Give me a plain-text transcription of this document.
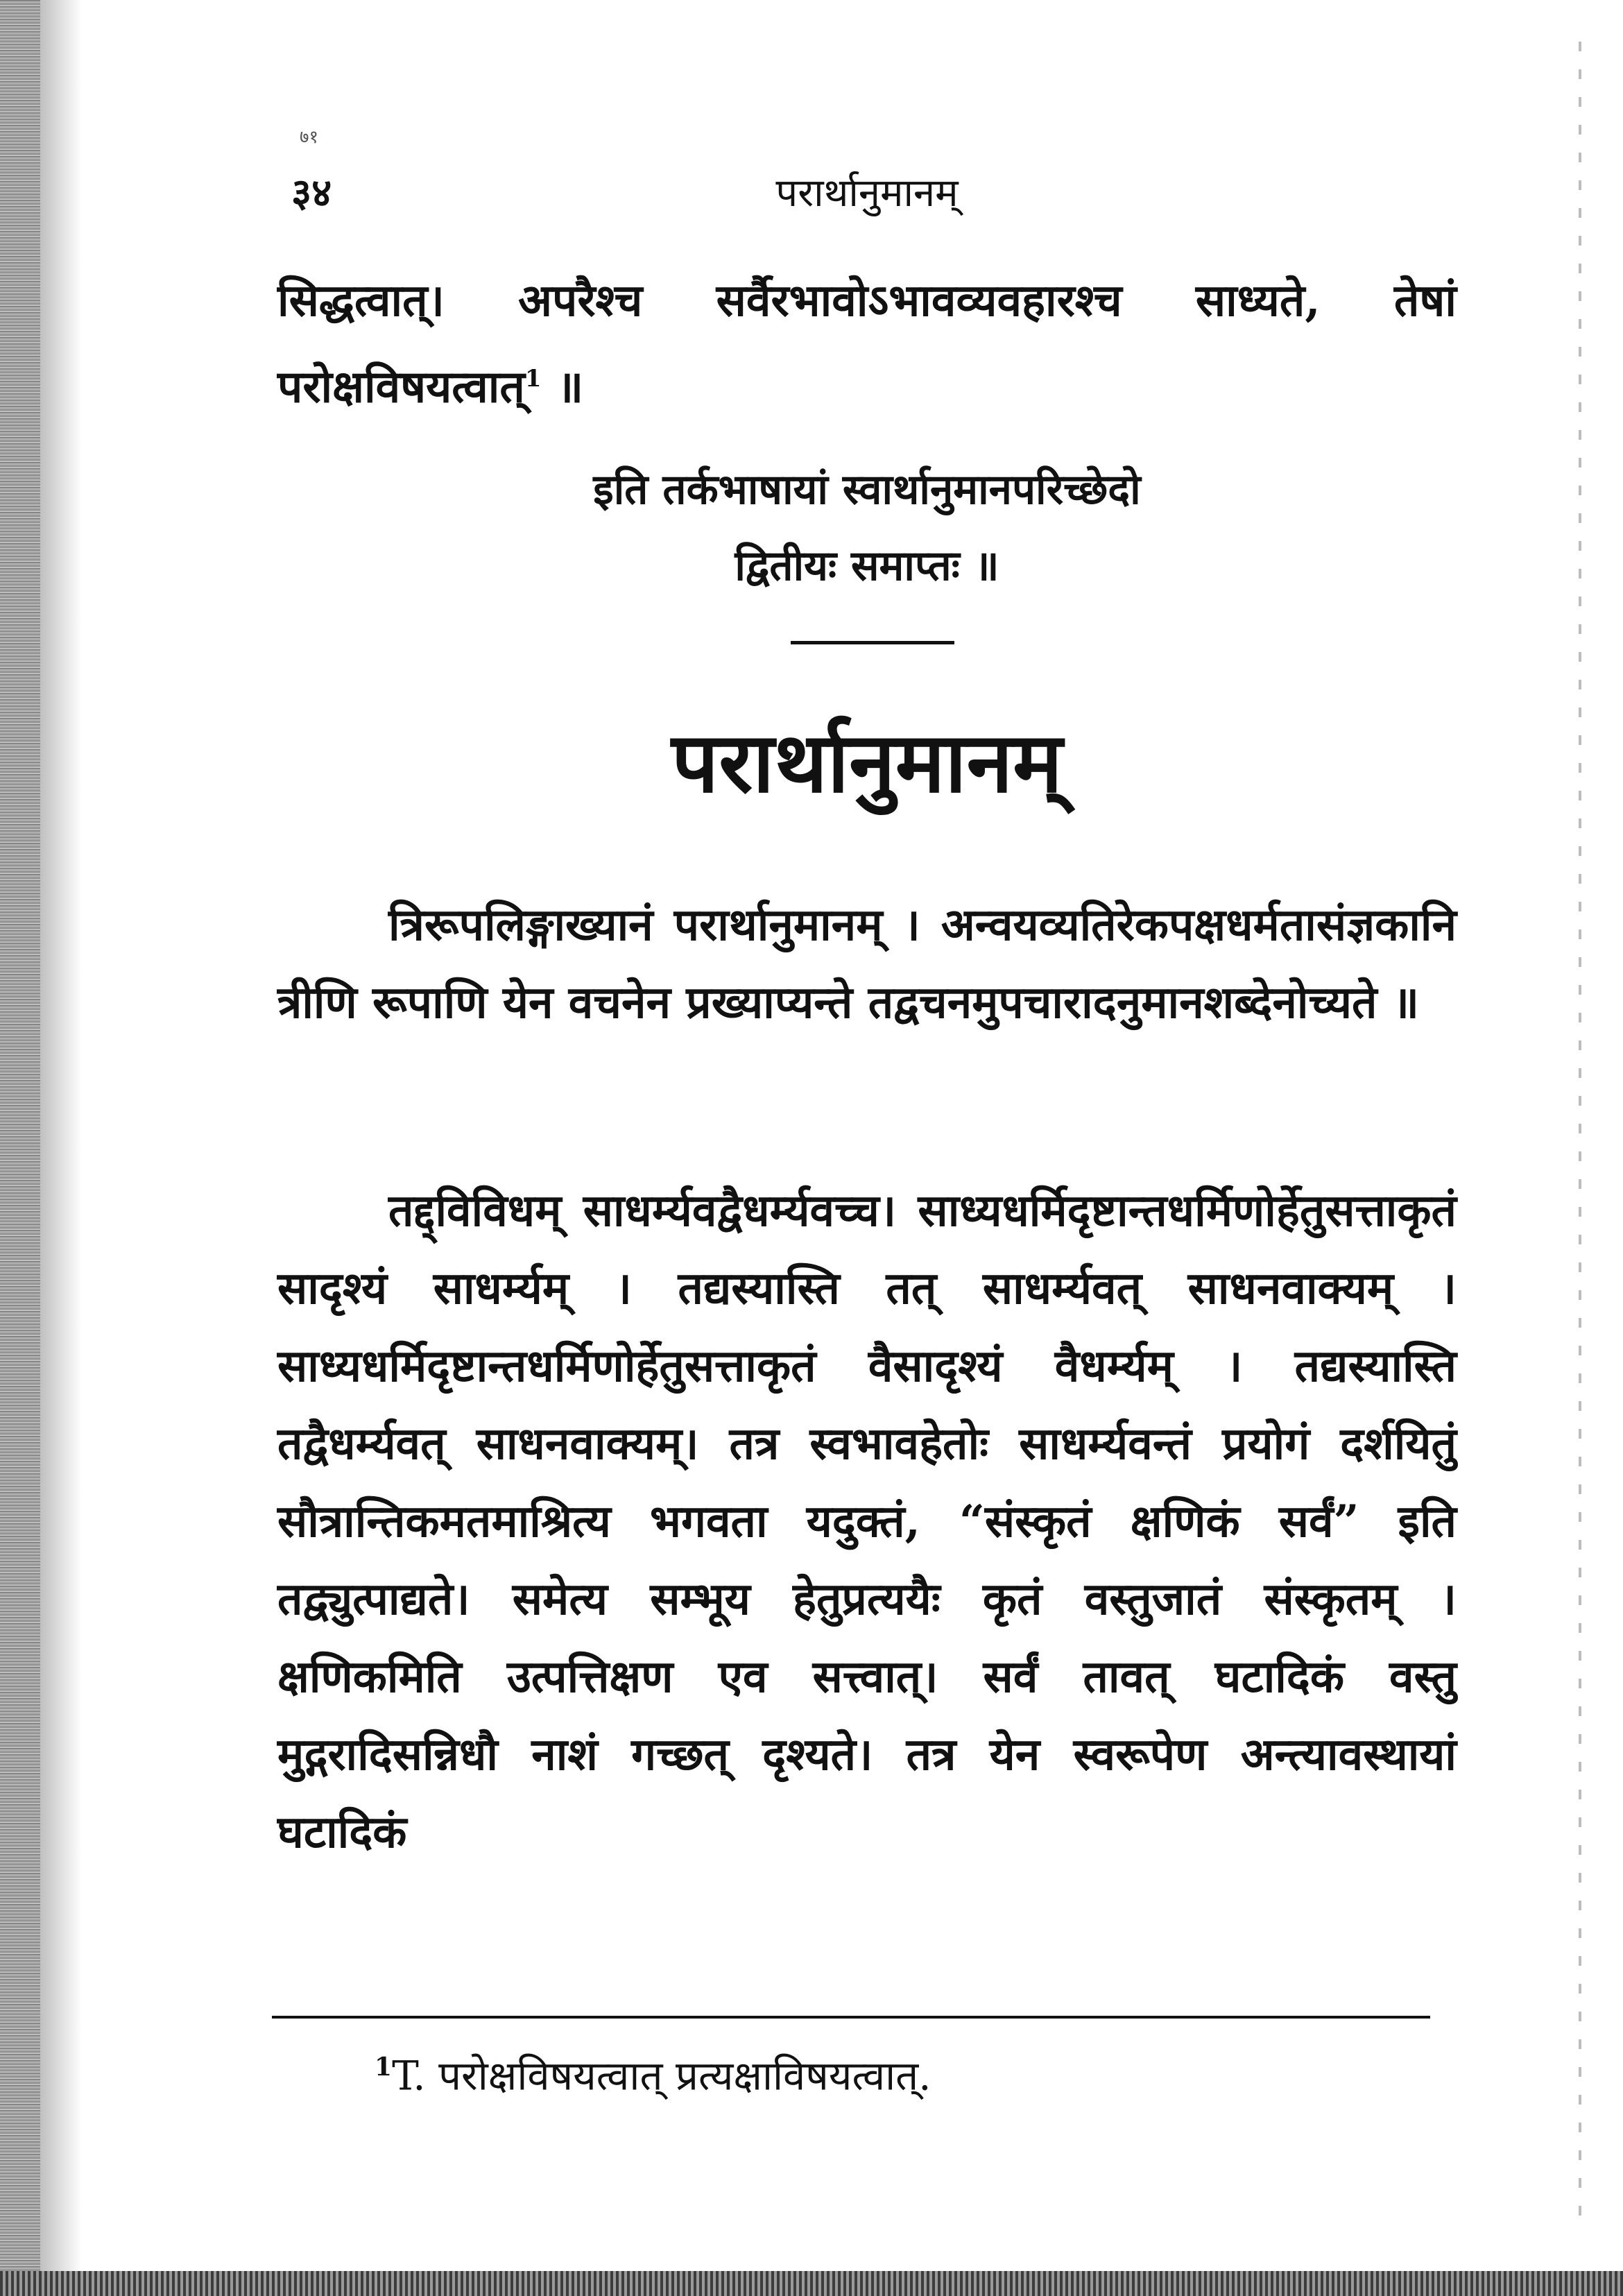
७१
३४	परार्थानुमानम्
सिद्धत्वात्। अपरैश्च सर्वैरभावोऽभावव्यवहारश्च साध्यते, तेषां परोक्षविषयत्वात्$^1$ ॥
इति तर्कभाषायां स्वार्थानुमानपरिच्छेदो
द्वितीयः समाप्तः ॥
परार्थानुमानम्
त्रिरूपलिङ्गाख्यानं परार्थानुमानम् । अन्वयव्यतिरेकपक्षधर्मतासंज्ञकानि त्रीणि रूपाणि येन वचनेन प्रख्याप्यन्ते तद्वचनमुपचारादनुमानशब्देनोच्यते ॥
तद्द्विविधम् साधर्म्यवद्वैधर्म्यवच्च। साध्यधर्मिदृष्टान्तधर्मिणोर्हेतुसत्ताकृतं सादृश्यं साधर्म्यम् । तद्यस्यास्ति तत् साधर्म्यवत् साधनवाक्यम् । साध्यधर्मिदृष्टान्तधर्मिणोर्हेतुसत्ताकृतं वैसादृश्यं वैधर्म्यम् । तद्यस्यास्ति तद्वैधर्म्यवत् साधनवाक्यम्। तत्र स्वभावहेतोः साधर्म्यवन्तं प्रयोगं दर्शयितुं सौत्रान्तिकमतमाश्रित्य भगवता यदुक्तं, “संस्कृतं क्षणिकं सर्वं” इति तद्व्युत्पाद्यते। समेत्य सम्भूय हेतुप्रत्ययैः कृतं वस्तुजातं संस्कृतम् । क्षणिकमिति उत्पत्तिक्षण एव सत्त्वात्। सर्वं तावत् घटादिकं वस्तु मुद्गरादिसन्निधौ नाशं गच्छत् दृश्यते। तत्र येन स्वरूपेण अन्त्यावस्थायां घटादिकं
$^1$T. परोक्षविषयत्वात् प्रत्यक्षाविषयत्वात्.
